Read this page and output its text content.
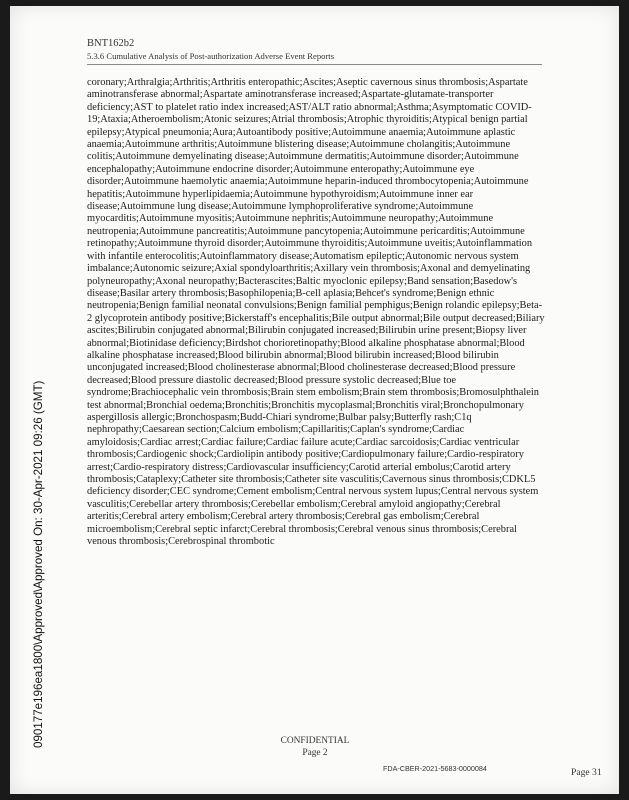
BNT162b2
5.3.6 Cumulative Analysis of Post-authorization Adverse Event Reports
coronary;Arthralgia;Arthritis;Arthritis enteropathic;Ascites;Aseptic cavernous sinus thrombosis;Aspartate aminotransferase abnormal;Aspartate aminotransferase increased;Aspartate-glutamate-transporter deficiency;AST to platelet ratio index increased;AST/ALT ratio abnormal;Asthma;Asymptomatic COVID-19;Ataxia;Atheroembolism;Atonic seizures;Atrial thrombosis;Atrophic thyroiditis;Atypical benign partial epilepsy;Atypical pneumonia;Aura;Autoantibody positive;Autoimmune anaemia;Autoimmune aplastic anaemia;Autoimmune arthritis;Autoimmune blistering disease;Autoimmune cholangitis;Autoimmune colitis;Autoimmune demyelinating disease;Autoimmune dermatitis;Autoimmune disorder;Autoimmune encephalopathy;Autoimmune endocrine disorder;Autoimmune enteropathy;Autoimmune eye disorder;Autoimmune haemolytic anaemia;Autoimmune heparin-induced thrombocytopenia;Autoimmune hepatitis;Autoimmune hyperlipidaemia;Autoimmune hypothyroidism;Autoimmune inner ear disease;Autoimmune lung disease;Autoimmune lymphoproliferative syndrome;Autoimmune myocarditis;Autoimmune myositis;Autoimmune nephritis;Autoimmune neuropathy;Autoimmune neutropenia;Autoimmune pancreatitis;Autoimmune pancytopenia;Autoimmune pericarditis;Autoimmune retinopathy;Autoimmune thyroid disorder;Autoimmune thyroiditis;Autoimmune uveitis;Autoinflammation with infantile enterocolitis;Autoinflammatory disease;Automatism epileptic;Autonomic nervous system imbalance;Autonomic seizure;Axial spondyloarthritis;Axillary vein thrombosis;Axonal and demyelinating polyneuropathy;Axonal neuropathy;Bacterascites;Baltic myoclonic epilepsy;Band sensation;Basedow's disease;Basilar artery thrombosis;Basophilopenia;B-cell aplasia;Behcet's syndrome;Benign ethnic neutropenia;Benign familial neonatal convulsions;Benign familial pemphigus;Benign rolandic epilepsy;Beta-2 glycoprotein antibody positive;Bickerstaff's encephalitis;Bile output abnormal;Bile output decreased;Biliary ascites;Bilirubin conjugated abnormal;Bilirubin conjugated increased;Bilirubin urine present;Biopsy liver abnormal;Biotinidase deficiency;Birdshot chorioretinopathy;Blood alkaline phosphatase abnormal;Blood alkaline phosphatase increased;Blood bilirubin abnormal;Blood bilirubin increased;Blood bilirubin unconjugated increased;Blood cholinesterase abnormal;Blood cholinesterase decreased;Blood pressure decreased;Blood pressure diastolic decreased;Blood pressure systolic decreased;Blue toe syndrome;Brachiocephalic vein thrombosis;Brain stem embolism;Brain stem thrombosis;Bromosulphthalein test abnormal;Bronchial oedema;Bronchitis;Bronchitis mycoplasmal;Bronchitis viral;Bronchopulmonary aspergillosis allergic;Bronchospasm;Budd-Chiari syndrome;Bulbar palsy;Butterfly rash;C1q nephropathy;Caesarean section;Calcium embolism;Capillaritis;Caplan's syndrome;Cardiac amyloidosis;Cardiac arrest;Cardiac failure;Cardiac failure acute;Cardiac sarcoidosis;Cardiac ventricular thrombosis;Cardiogenic shock;Cardiolipin antibody positive;Cardiopulmonary failure;Cardio-respiratory arrest;Cardio-respiratory distress;Cardiovascular insufficiency;Carotid arterial embolus;Carotid artery thrombosis;Cataplexy;Catheter site thrombosis;Catheter site vasculitis;Cavernous sinus thrombosis;CDKL5 deficiency disorder;CEC syndrome;Cement embolism;Central nervous system lupus;Central nervous system vasculitis;Cerebellar artery thrombosis;Cerebellar embolism;Cerebral amyloid angiopathy;Cerebral arteritis;Cerebral artery embolism;Cerebral artery thrombosis;Cerebral gas embolism;Cerebral microembolism;Cerebral septic infarct;Cerebral thrombosis;Cerebral venous sinus thrombosis;Cerebral venous thrombosis;Cerebrospinal thrombotic
090177e196ea1800\Approved\Approved On: 30-Apr-2021 09:26 (GMT)	CONFIDENTIAL
Page 2
FDA-CBER-2021-5683-0000084	Page 31
